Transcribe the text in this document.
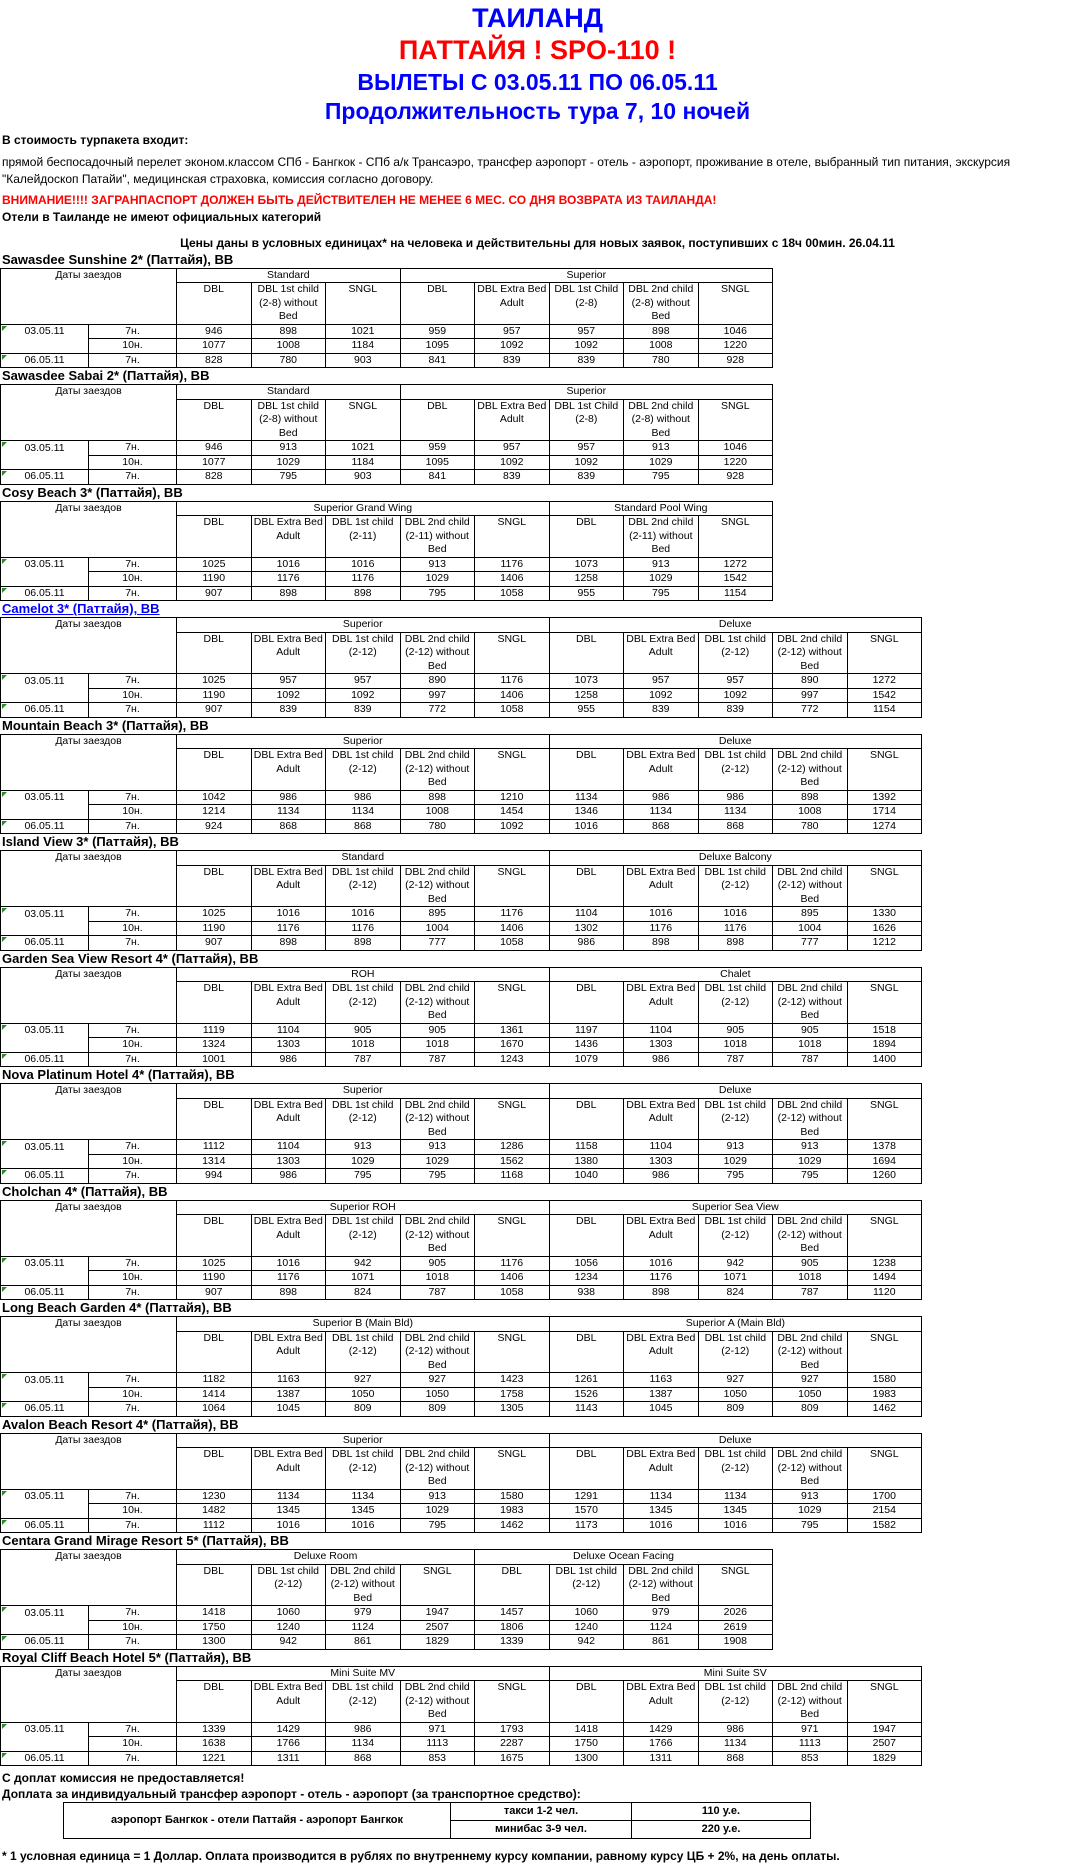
ТАИЛАНД
ПАТТАЙЯ ! SPO-110 !
ВЫЛЕТЫ С 03.05.11 ПО 06.05.11
Продолжительность тура 7, 10 ночей
В стоимость турпакета входит:
прямой беспосадочный перелет эконом.классом СПб - Бангкок - СПб а/к Трансаэро, трансфер аэропорт - отель - аэропорт, проживание в отеле, выбранный тип питания, экскурсия "Калейдоскоп Патайи", медицинская страховка, комиссия согласно договору.
ВНИМАНИЕ!!!! ЗАГРАНПАСПОРТ ДОЛЖЕН БЫТЬ ДЕЙСТВИТЕЛЕН НЕ МЕНЕЕ 6 МЕС. СО ДНЯ ВОЗВРАТА ИЗ ТАИЛАНДА!
Отели в Таиланде не имеют официальных категорий
Цены даны в условных единицах* на человека и действительны для новых заявок, поступивших с 18ч 00мин. 26.04.11
Sawasdee Sunshine 2* (Паттайя), BB
Даты заездов		Standard			Superior				
		DBL	DBL 1st child (2-8) without Bed	SNGL	DBL	DBL Extra Bed Adult	DBL 1st Child (2-8)	DBL 2nd child (2-8) without Bed	SNGL
03.05.11	7н.	946	898	1021	959	957	957	898	1046
	10н.	1077	1008	1184	1095	1092	1092	1008	1220
06.05.11	7н.	828	780	903	841	839	839	780	928
Sawasdee Sabai 2* (Паттайя), BB
Даты заездов		Standard			Superior				
		DBL	DBL 1st child (2-8) without Bed	SNGL	DBL	DBL Extra Bed Adult	DBL 1st Child (2-8)	DBL 2nd child (2-8) without Bed	SNGL
03.05.11	7н.	946	913	1021	959	957	957	913	1046
	10н.	1077	1029	1184	1095	1092	1092	1029	1220
06.05.11	7н.	828	795	903	841	839	839	795	928
Cosy Beach 3* (Паттайя), BB
Даты заездов		Superior Grand Wing					Standard Pool Wing		
		DBL	DBL Extra Bed Adult	DBL 1st child (2-11)	DBL 2nd child (2-11) without Bed	SNGL	DBL	DBL 2nd child (2-11) without Bed	SNGL
03.05.11	7н.	1025	1016	1016	913	1176	1073	913	1272
	10н.	1190	1176	1176	1029	1406	1258	1029	1542
06.05.11	7н.	907	898	898	795	1058	955	795	1154
Camelot 3* (Паттайя), BB
Даты заездов		Superior					Deluxe				
		DBL	DBL Extra Bed Adult	DBL 1st child (2-12)	DBL 2nd child (2-12) without Bed	SNGL	DBL	DBL Extra Bed Adult	DBL 1st child (2-12)	DBL 2nd child (2-12) without Bed	SNGL
03.05.11	7н.	1025	957	957	890	1176	1073	957	957	890	1272
	10н.	1190	1092	1092	997	1406	1258	1092	1092	997	1542
06.05.11	7н.	907	839	839	772	1058	955	839	839	772	1154
Mountain Beach 3* (Паттайя), BB
Даты заездов		Superior					Deluxe				
		DBL	DBL Extra Bed Adult	DBL 1st child (2-12)	DBL 2nd child (2-12) without Bed	SNGL	DBL	DBL Extra Bed Adult	DBL 1st child (2-12)	DBL 2nd child (2-12) without Bed	SNGL
03.05.11	7н.	1042	986	986	898	1210	1134	986	986	898	1392
	10н.	1214	1134	1134	1008	1454	1346	1134	1134	1008	1714
06.05.11	7н.	924	868	868	780	1092	1016	868	868	780	1274
Island View 3* (Паттайя), BB
Даты заездов		Standard					Deluxe Balcony				
		DBL	DBL Extra Bed Adult	DBL 1st child (2-12)	DBL 2nd child (2-12) without Bed	SNGL	DBL	DBL Extra Bed Adult	DBL 1st child (2-12)	DBL 2nd child (2-12) without Bed	SNGL
03.05.11	7н.	1025	1016	1016	895	1176	1104	1016	1016	895	1330
	10н.	1190	1176	1176	1004	1406	1302	1176	1176	1004	1626
06.05.11	7н.	907	898	898	777	1058	986	898	898	777	1212
Garden Sea View Resort 4* (Паттайя), BB
Даты заездов		ROH					Chalet				
		DBL	DBL Extra Bed Adult	DBL 1st child (2-12)	DBL 2nd child (2-12) without Bed	SNGL	DBL	DBL Extra Bed Adult	DBL 1st child (2-12)	DBL 2nd child (2-12) without Bed	SNGL
03.05.11	7н.	1119	1104	905	905	1361	1197	1104	905	905	1518
	10н.	1324	1303	1018	1018	1670	1436	1303	1018	1018	1894
06.05.11	7н.	1001	986	787	787	1243	1079	986	787	787	1400
Nova Platinum Hotel 4* (Паттайя), BB
Даты заездов		Superior					Deluxe				
		DBL	DBL Extra Bed Adult	DBL 1st child (2-12)	DBL 2nd child (2-12) without Bed	SNGL	DBL	DBL Extra Bed Adult	DBL 1st child (2-12)	DBL 2nd child (2-12) without Bed	SNGL
03.05.11	7н.	1112	1104	913	913	1286	1158	1104	913	913	1378
	10н.	1314	1303	1029	1029	1562	1380	1303	1029	1029	1694
06.05.11	7н.	994	986	795	795	1168	1040	986	795	795	1260
Cholchan 4* (Паттайя), BB
Даты заездов		Superior ROH					Superior Sea View				
		DBL	DBL Extra Bed Adult	DBL 1st child (2-12)	DBL 2nd child (2-12) without Bed	SNGL	DBL	DBL Extra Bed Adult	DBL 1st child (2-12)	DBL 2nd child (2-12) without Bed	SNGL
03.05.11	7н.	1025	1016	942	905	1176	1056	1016	942	905	1238
	10н.	1190	1176	1071	1018	1406	1234	1176	1071	1018	1494
06.05.11	7н.	907	898	824	787	1058	938	898	824	787	1120
Long Beach Garden 4* (Паттайя), BB
Даты заездов		Superior B (Main Bld)					Superior A (Main Bld)				
		DBL	DBL Extra Bed Adult	DBL 1st child (2-12)	DBL 2nd child (2-12) without Bed	SNGL	DBL	DBL Extra Bed Adult	DBL 1st child (2-12)	DBL 2nd child (2-12) without Bed	SNGL
03.05.11	7н.	1182	1163	927	927	1423	1261	1163	927	927	1580
	10н.	1414	1387	1050	1050	1758	1526	1387	1050	1050	1983
06.05.11	7н.	1064	1045	809	809	1305	1143	1045	809	809	1462
Avalon Beach Resort 4* (Паттайя), BB
Даты заездов		Superior					Deluxe				
		DBL	DBL Extra Bed Adult	DBL 1st child (2-12)	DBL 2nd child (2-12) without Bed	SNGL	DBL	DBL Extra Bed Adult	DBL 1st child (2-12)	DBL 2nd child (2-12) without Bed	SNGL
03.05.11	7н.	1230	1134	1134	913	1580	1291	1134	1134	913	1700
	10н.	1482	1345	1345	1029	1983	1570	1345	1345	1029	2154
06.05.11	7н.	1112	1016	1016	795	1462	1173	1016	1016	795	1582
Centara Grand Mirage Resort 5* (Паттайя), BB
Даты заездов		Deluxe Room				Deluxe Ocean Facing			
		DBL	DBL 1st child (2-12)	DBL 2nd child (2-12) without Bed	SNGL	DBL	DBL 1st child (2-12)	DBL 2nd child (2-12) without Bed	SNGL
03.05.11	7н.	1418	1060	979	1947	1457	1060	979	2026
	10н.	1750	1240	1124	2507	1806	1240	1124	2619
06.05.11	7н.	1300	942	861	1829	1339	942	861	1908
Royal Cliff Beach Hotel 5* (Паттайя), BB
Даты заездов		Mini Suite MV					Mini Suite SV				
		DBL	DBL Extra Bed Adult	DBL 1st child (2-12)	DBL 2nd child (2-12) without Bed	SNGL	DBL	DBL Extra Bed Adult	DBL 1st child (2-12)	DBL 2nd child (2-12) without Bed	SNGL
03.05.11	7н.	1339	1429	986	971	1793	1418	1429	986	971	1947
	10н.	1638	1766	1134	1113	2287	1750	1766	1134	1113	2507
06.05.11	7н.	1221	1311	868	853	1675	1300	1311	868	853	1829
С доплат комиссия не предоставляется!
Доплата за индивидуальный трансфер аэропорт - отель - аэропорт (за транспортное средство):
аэропорт Бангкок - отели Паттайя - аэропорт Бангкок	такси 1-2 чел.	110 у.е.
	минибас 3-9 чел.	220 у.е.
* 1 условная единица = 1 Доллар. Оплата производится в рублях по внутреннему курсу компании, равному курсу ЦБ + 2%, на день оплаты.
